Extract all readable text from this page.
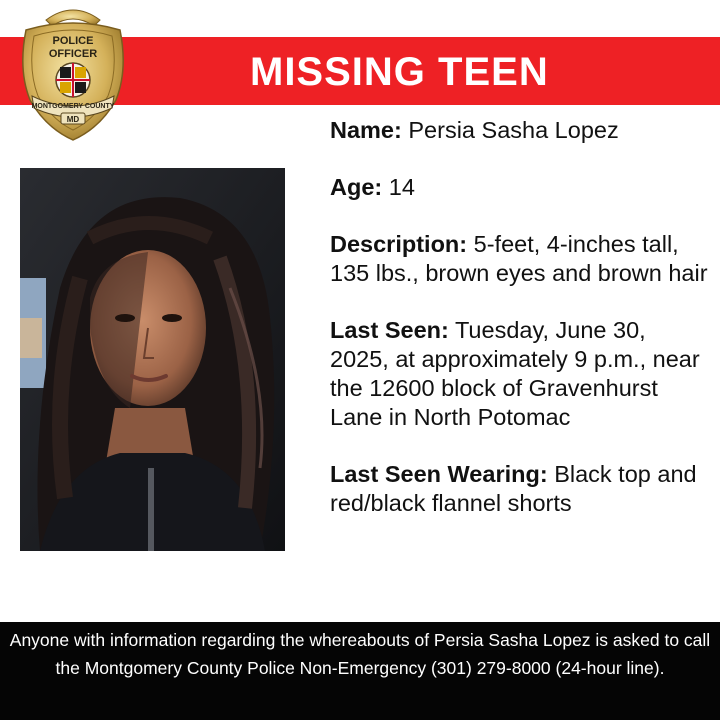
MISSING TEEN
POLICE
OFFICER
MONTGOMERY COUNTY
MD	Name: Persia Sasha Lopez
Age: 14
Description: 5-feet, 4-inches tall, 135 lbs., brown eyes and brown hair
Last Seen: Tuesday, June 30, 2025, at approximately 9 p.m., near the 12600 block of Gravenhurst Lane in North Potomac
Last Seen Wearing: Black top and red/black flannel shorts

Anyone with information regarding the whereabouts of Persia Sasha Lopez is asked to call the Montgomery County Police Non-Emergency (301) 279-8000 (24-hour line).
